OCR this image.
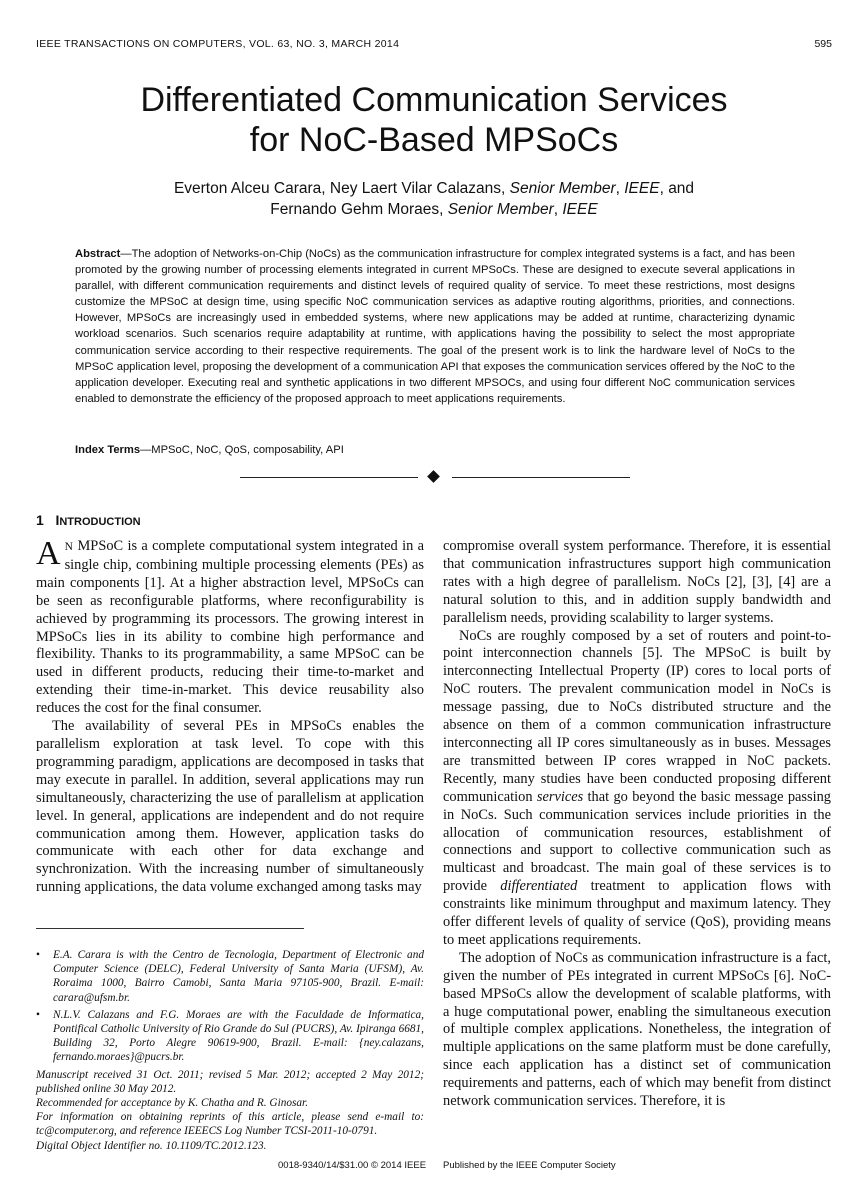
IEEE TRANSACTIONS ON COMPUTERS, VOL. 63, NO. 3, MARCH 2014	595
Differentiated Communication Services
for NoC-Based MPSoCs
Everton Alceu Carara, Ney Laert Vilar Calazans, Senior Member, IEEE, and
Fernando Gehm Moraes, Senior Member, IEEE
Abstract—The adoption of Networks-on-Chip (NoCs) as the communication infrastructure for complex integrated systems is a fact, and has been promoted by the growing number of processing elements integrated in current MPSoCs. These are designed to execute several applications in parallel, with different communication requirements and distinct levels of required quality of service. To meet these restrictions, most designs customize the MPSoC at design time, using specific NoC communication services as adaptive routing algorithms, priorities, and connections. However, MPSoCs are increasingly used in embedded systems, where new applications may be added at runtime, characterizing dynamic workload scenarios. Such scenarios require adaptability at runtime, with applications having the possibility to select the most appropriate communication service according to their respective requirements. The goal of the present work is to link the hardware level of NoCs to the MPSoC application level, proposing the development of a communication API that exposes the communication services offered by the NoC to the application developer. Executing real and synthetic applications in two different MPSOCs, and using four different NoC communication services enabled to demonstrate the efficiency of the proposed approach to meet applications requirements.
Index Terms—MPSoC, NoC, QoS, composability, API
1 INTRODUCTION

A N MPSoC is a complete computational system integrated in a single chip, combining multiple processing elements (PEs) as main components [1]. At a higher abstraction level, MPSoCs can be seen as reconfigurable platforms, where reconfigurability is achieved by programming its processors. The growing interest in MPSoCs lies in its ability to combine high performance and flexibility. Thanks to its programmability, a same MPSoC can be used in different products, reducing their time-to-market and extending their time-in-market. This device reusability also reduces the cost for the final consumer.

The availability of several PEs in MPSoCs enables the parallelism exploration at task level. To cope with this programming paradigm, applications are decomposed in tasks that may execute in parallel. In addition, several applications may run simultaneously, characterizing the use of parallelism at application level. In general, applications are independent and do not require communication among them. However, application tasks do communicate with each other for data exchange and synchronization. With the increasing number of simultaneously running applications, the data volume exchanged among tasks may

compromise overall system performance. Therefore, it is essential that communication infrastructures support high communication rates with a high degree of parallelism. NoCs [2], [3], [4] are a natural solution to this, and in addition supply bandwidth and parallelism needs, providing scalability to larger systems.

NoCs are roughly composed by a set of routers and point-to-point interconnection channels [5]. The MPSoC is built by interconnecting Intellectual Property (IP) cores to local ports of NoC routers. The prevalent communication model in NoCs is message passing, due to NoCs distributed structure and the absence on them of a common communication infrastructure interconnecting all IP cores simultaneously as in buses. Messages are transmitted between IP cores wrapped in NoC packets. Recently, many studies have been conducted proposing different communication services that go beyond the basic message passing in NoCs. Such communication services include priorities in the allocation of communication resources, establishment of connections and support to collective communication such as multicast and broadcast. The main goal of these services is to provide differentiated treatment to application flows with constraints like minimum throughput and maximum latency. They offer different levels of quality of service (QoS), providing means to meet applications requirements.

The adoption of NoCs as communication infrastructure is a fact, given the number of PEs integrated in current MPSoCs [6]. NoC-based MPSoCs allow the development of scalable platforms, with a huge computational power, enabling the simultaneous execution of multiple complex applications. Nonetheless, the integration of multiple applications on the same platform must be done carefully, since each application has a distinct set of communication requirements and patterns, each of which may benefit from distinct network communication services. Therefore, it is

• E.A. Carara is with the Centro de Tecnologia, Department of Electronic and Computer Science (DELC), Federal University of Santa Maria (UFSM), Av. Roraima 1000, Bairro Camobi, Santa Maria 97105-900, Brazil. E-mail: carara@ufsm.br.
• N.L.V. Calazans and F.G. Moraes are with the Faculdade de Informatica, Pontifical Catholic University of Rio Grande do Sul (PUCRS), Av. Ipiranga 6681, Building 32, Porto Alegre 90619-900, Brazil. E-mail: {ney.calazans, fernando.moraes}@pucrs.br.

Manuscript received 31 Oct. 2011; revised 5 Mar. 2012; accepted 2 May 2012; published online 30 May 2012.

Recommended for acceptance by K. Chatha and R. Ginosar.

For information on obtaining reprints of this article, please send e-mail to: tc@computer.org, and reference IEEECS Log Number TCSI-2011-10-0791.

Digital Object Identifier no. 10.1109/TC.2012.123.

0018-9340/14/$31.00 © 2014 IEEE Published by the IEEE Computer Society
